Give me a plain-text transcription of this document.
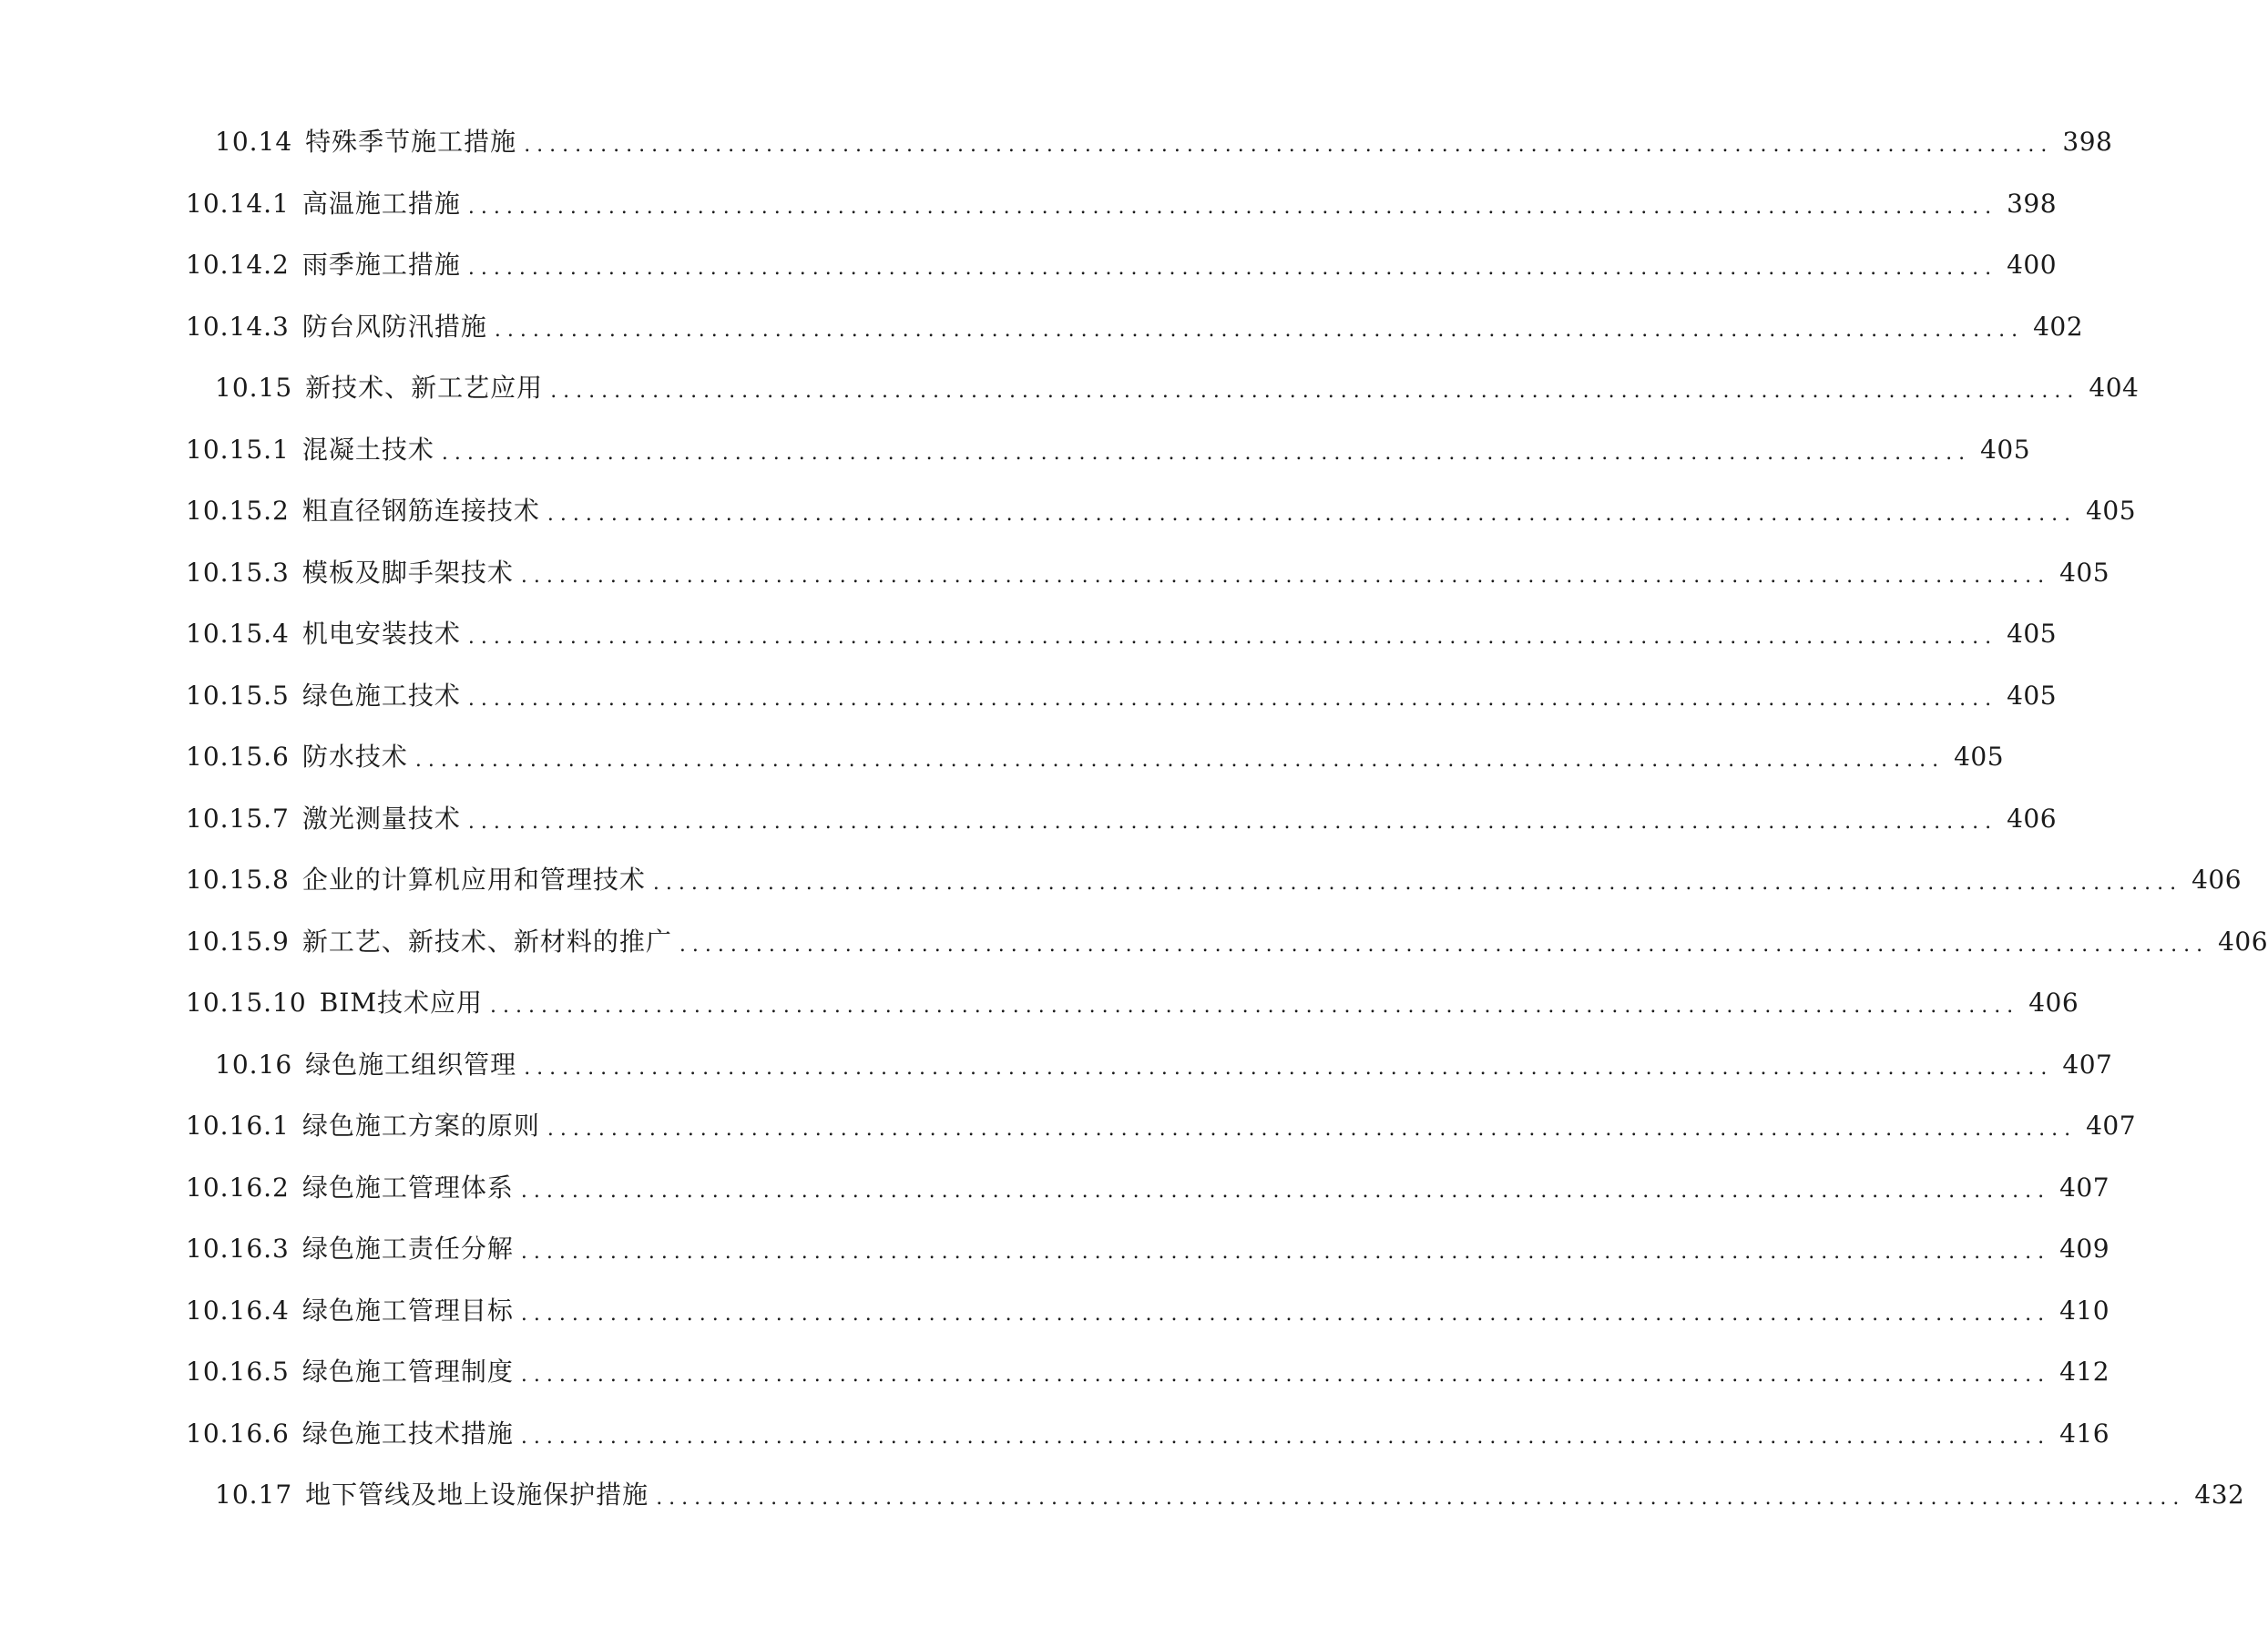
10.14 特殊季节施工措施 ........................................................................................................................ 398
10.14.1 高温施工措施 ........................................................................................................................ 398
10.14.2 雨季施工措施 ........................................................................................................................ 400
10.14.3 防台风防汛措施 ........................................................................................................................ 402
10.15 新技术、新工艺应用 ........................................................................................................................ 404
10.15.1 混凝土技术 ........................................................................................................................ 405
10.15.2 粗直径钢筋连接技术 ........................................................................................................................ 405
10.15.3 模板及脚手架技术 ........................................................................................................................ 405
10.15.4 机电安装技术 ........................................................................................................................ 405
10.15.5 绿色施工技术 ........................................................................................................................ 405
10.15.6 防水技术 ........................................................................................................................ 405
10.15.7 激光测量技术 ........................................................................................................................ 406
10.15.8 企业的计算机应用和管理技术 ........................................................................................................................ 406
10.15.9 新工艺、新技术、新材料的推广 ........................................................................................................................ 406
10.15.10 BIM技术应用 ........................................................................................................................ 406
10.16 绿色施工组织管理 ........................................................................................................................ 407
10.16.1 绿色施工方案的原则 ........................................................................................................................ 407
10.16.2 绿色施工管理体系 ........................................................................................................................ 407
10.16.3 绿色施工责任分解 ........................................................................................................................ 409
10.16.4 绿色施工管理目标 ........................................................................................................................ 410
10.16.5 绿色施工管理制度 ........................................................................................................................ 412
10.16.6 绿色施工技术措施 ........................................................................................................................ 416
10.17 地下管线及地上设施保护措施 ........................................................................................................................ 432
